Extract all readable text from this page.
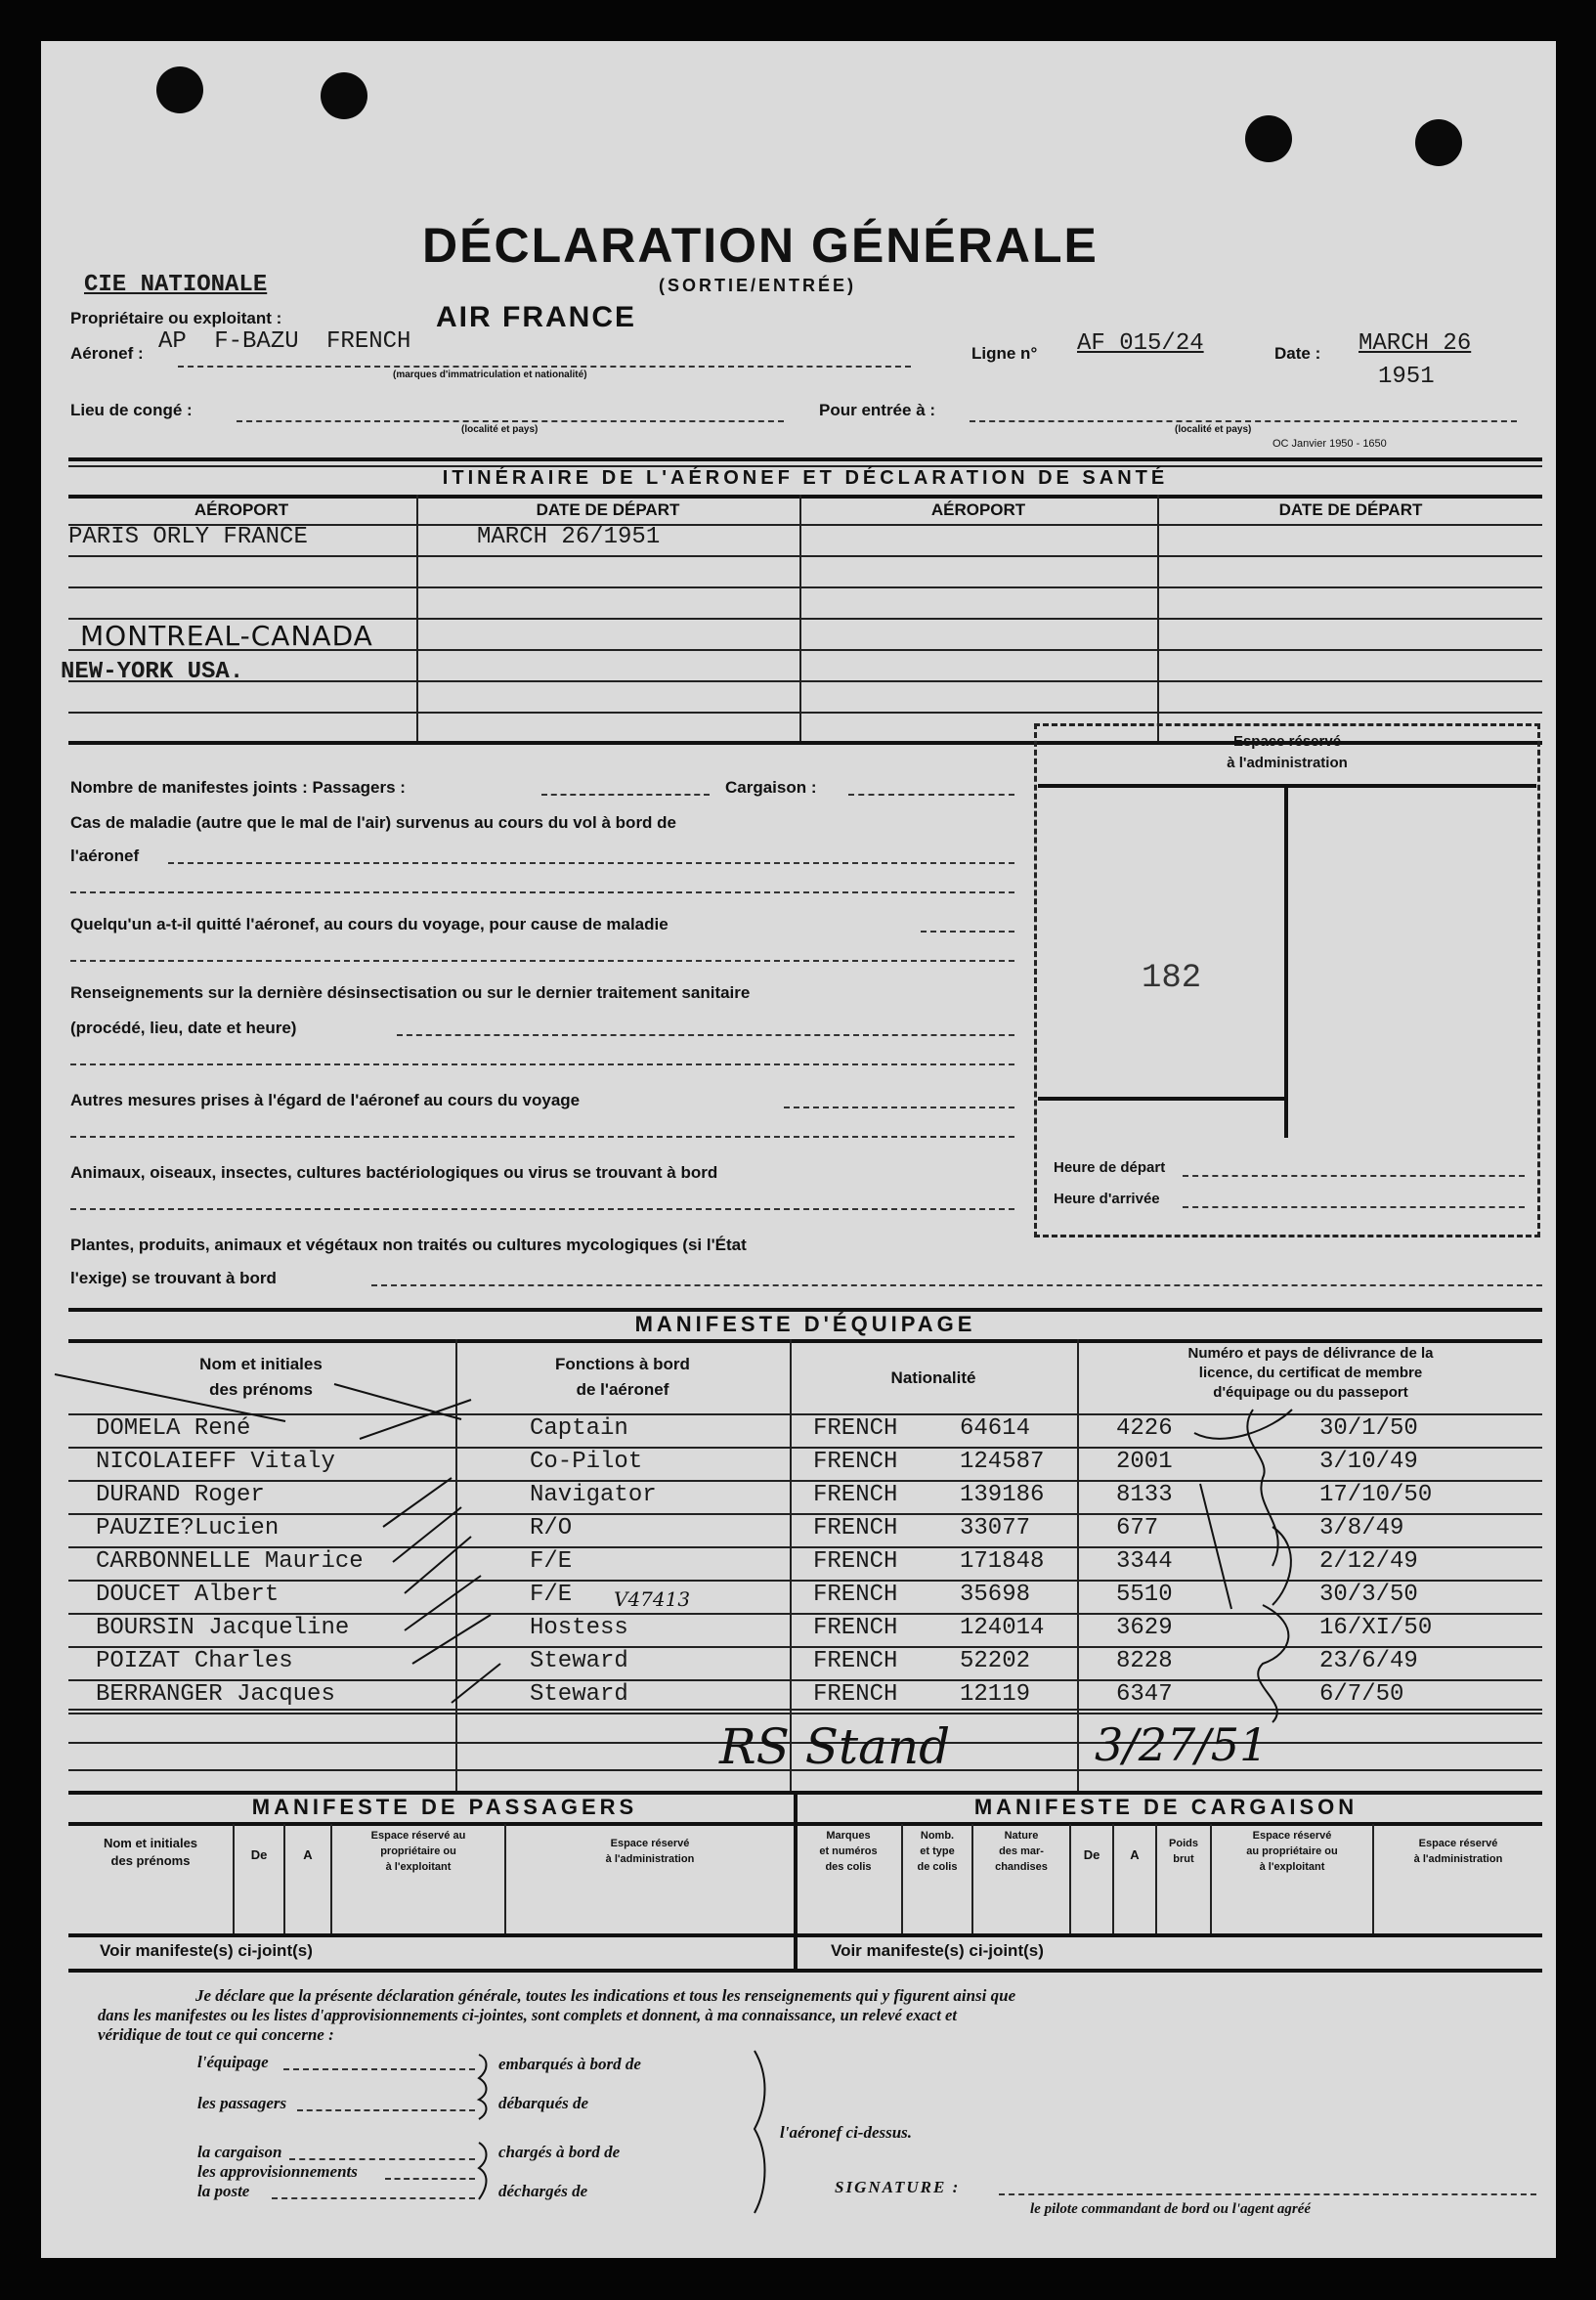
DÉCLARATION GÉNÉRALE
(SORTIE/ENTRÉE)
CIE NATIONALE
Propriétaire ou exploitant :	AIR FRANCE
Aéronef : AP F-BAZU FRENCH
(marques d'immatriculation et nationalité)
Ligne n° AF 015/24	Date : MARCH 26
1951
Lieu de congé :
(localité et pays)
Pour entrée à :
(localité et pays)
OC Janvier 1950 - 1650
ITINÉRAIRE DE L'AÉRONEF ET DÉCLARATION DE SANTÉ
AÉROPORT	DATE DE DÉPART	AÉROPORT	DATE DE DÉPART
PARIS ORLY FRANCE	MARCH 26/1951
MONTREAL-CANADA
NEW-YORK USA.
Nombre de manifestes joints : Passagers :	Cargaison :
Cas de maladie (autre que le mal de l'air) survenus au cours du vol à bord de
l'aéronef
Quelqu'un a-t-il quitté l'aéronef, au cours du voyage, pour cause de maladie
Renseignements sur la dernière désinsectisation ou sur le dernier traitement sanitaire
(procédé, lieu, date et heure)
Autres mesures prises à l'égard de l'aéronef au cours du voyage
Animaux, oiseaux, insectes, cultures bactériologiques ou virus se trouvant à bord
Plantes, produits, animaux et végétaux non traités ou cultures mycologiques (si l'État
l'exige) se trouvant à bord
Espace réservé
à l'administration
182
Heure de départ
Heure d'arrivée
MANIFESTE D'ÉQUIPAGE
Nom et initiales
des prénoms
Fonctions à bord
de l'aéronef
Nationalité
Numéro et pays de délivrance de la
licence, du certificat de membre
d'équipage ou du passeport
DOMELA René	Captain	FRENCH	64614	4226	30/1/50
NICOLAIEFF Vitaly	Co-Pilot	FRENCH	124587	2001	3/10/49
DURAND Roger	Navigator	FRENCH	139186	8133	17/10/50
PAUZIE?Lucien	R/O	FRENCH	33077	677	3/8/49
CARBONNELLE Maurice	F/E	FRENCH	171848	3344	2/12/49
DOUCET Albert	F/E	FRENCH	35698	5510	30/3/50
BOURSIN Jacqueline	Hostess	FRENCH	124014	3629	16/XI/50
POIZAT Charles	Steward	FRENCH	52202	8228	23/6/49
BERRANGER Jacques	Steward	FRENCH	12119	6347	6/7/50
V47413
RS Stand	3/27/51
MANIFESTE DE PASSAGERS	MANIFESTE DE CARGAISON
Nom et initiales
des prénoms	De	A
Espace réservé au
propriétaire ou
à l'exploitant
Espace réservé
à l'administration
Marques
et numéros
des colis
Nomb.
et type
de colis
Nature
des mar-
chandises
De	A
Poids
brut
Espace réservé
au propriétaire ou
à l'exploitant
Espace réservé
à l'administration
Voir manifeste(s) ci-joint(s)	Voir manifeste(s) ci-joint(s)
Je déclare que la présente déclaration générale, toutes les indications et tous les renseignements qui y figurent ainsi que
dans les manifestes ou les listes d'approvisionnements ci-jointes, sont complets et donnent, à ma connaissance, un relevé exact et
véridique de tout ce qui concerne :
l'équipage
les passagers
la cargaison
les approvisionnements
la poste
embarqués à bord de
débarqués de
chargés à bord de
déchargés de
l'aéronef ci-dessus.
SIGNATURE :
le pilote commandant de bord ou l'agent agréé
